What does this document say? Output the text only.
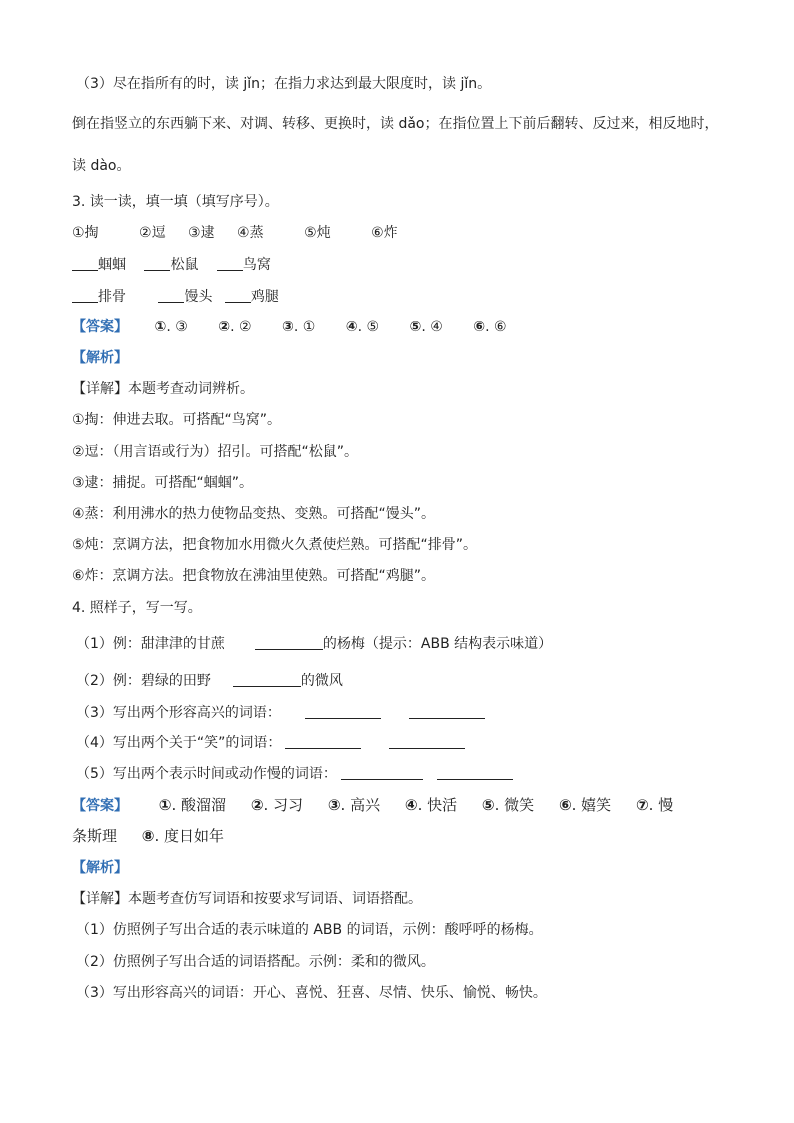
（3）尽在指所有的时，读 jǐn；在指力求达到最大限度时，读 jǐn。
倒在指竖立的东西躺下来、对调、转移、更换时，读 dǎo；在指位置上下前后翻转、反过来，相反地时，
读 dào。
3. 读一读，填一填（填写序号）。
①掏	②逗 ③逮 ④蒸	⑤炖	⑥炸
蝈蝈	松鼠	鸟窝
排骨	馒头	鸡腿
【答案】 ①. ③ ②. ② ③. ① ④. ⑤ ⑤. ④ ⑥. ⑥
【解析】
【详解】本题考查动词辨析。
①掏：伸进去取。可搭配“鸟窝”。
②逗：（用言语或行为）招引。可搭配“松鼠”。
③逮：捕捉。可搭配“蝈蝈”。
④蒸：利用沸水的热力使物品变热、变熟。可搭配“馒头”。
⑤炖：烹调方法，把食物加水用微火久煮使烂熟。可搭配“排骨”。
⑥炸：烹调方法。把食物放在沸油里使熟。可搭配“鸡腿”。
4. 照样子，写一写。
（1）例：甜津津的甘蔗	的杨梅（提示：ABB 结构表示味道）
（2）例：碧绿的田野	的微风
（3）写出两个形容高兴的词语：
（4）写出两个关于“笑”的词语：
（5）写出两个表示时间或动作慢的词语：
【答案】 ①. 酸溜溜 ②. 习习 ③. 高兴 ④. 快活 ⑤. 微笑 ⑥. 嬉笑 ⑦. 慢
条斯理 ⑧. 度日如年
【解析】
【详解】本题考查仿写词语和按要求写词语、词语搭配。
（1）仿照例子写出合适的表示味道的 ABB 的词语，示例：酸呼呼的杨梅。
（2）仿照例子写出合适的词语搭配。示例：柔和的微风。
（3）写出形容高兴的词语：开心、喜悦、狂喜、尽情、快乐、愉悦、畅快。
